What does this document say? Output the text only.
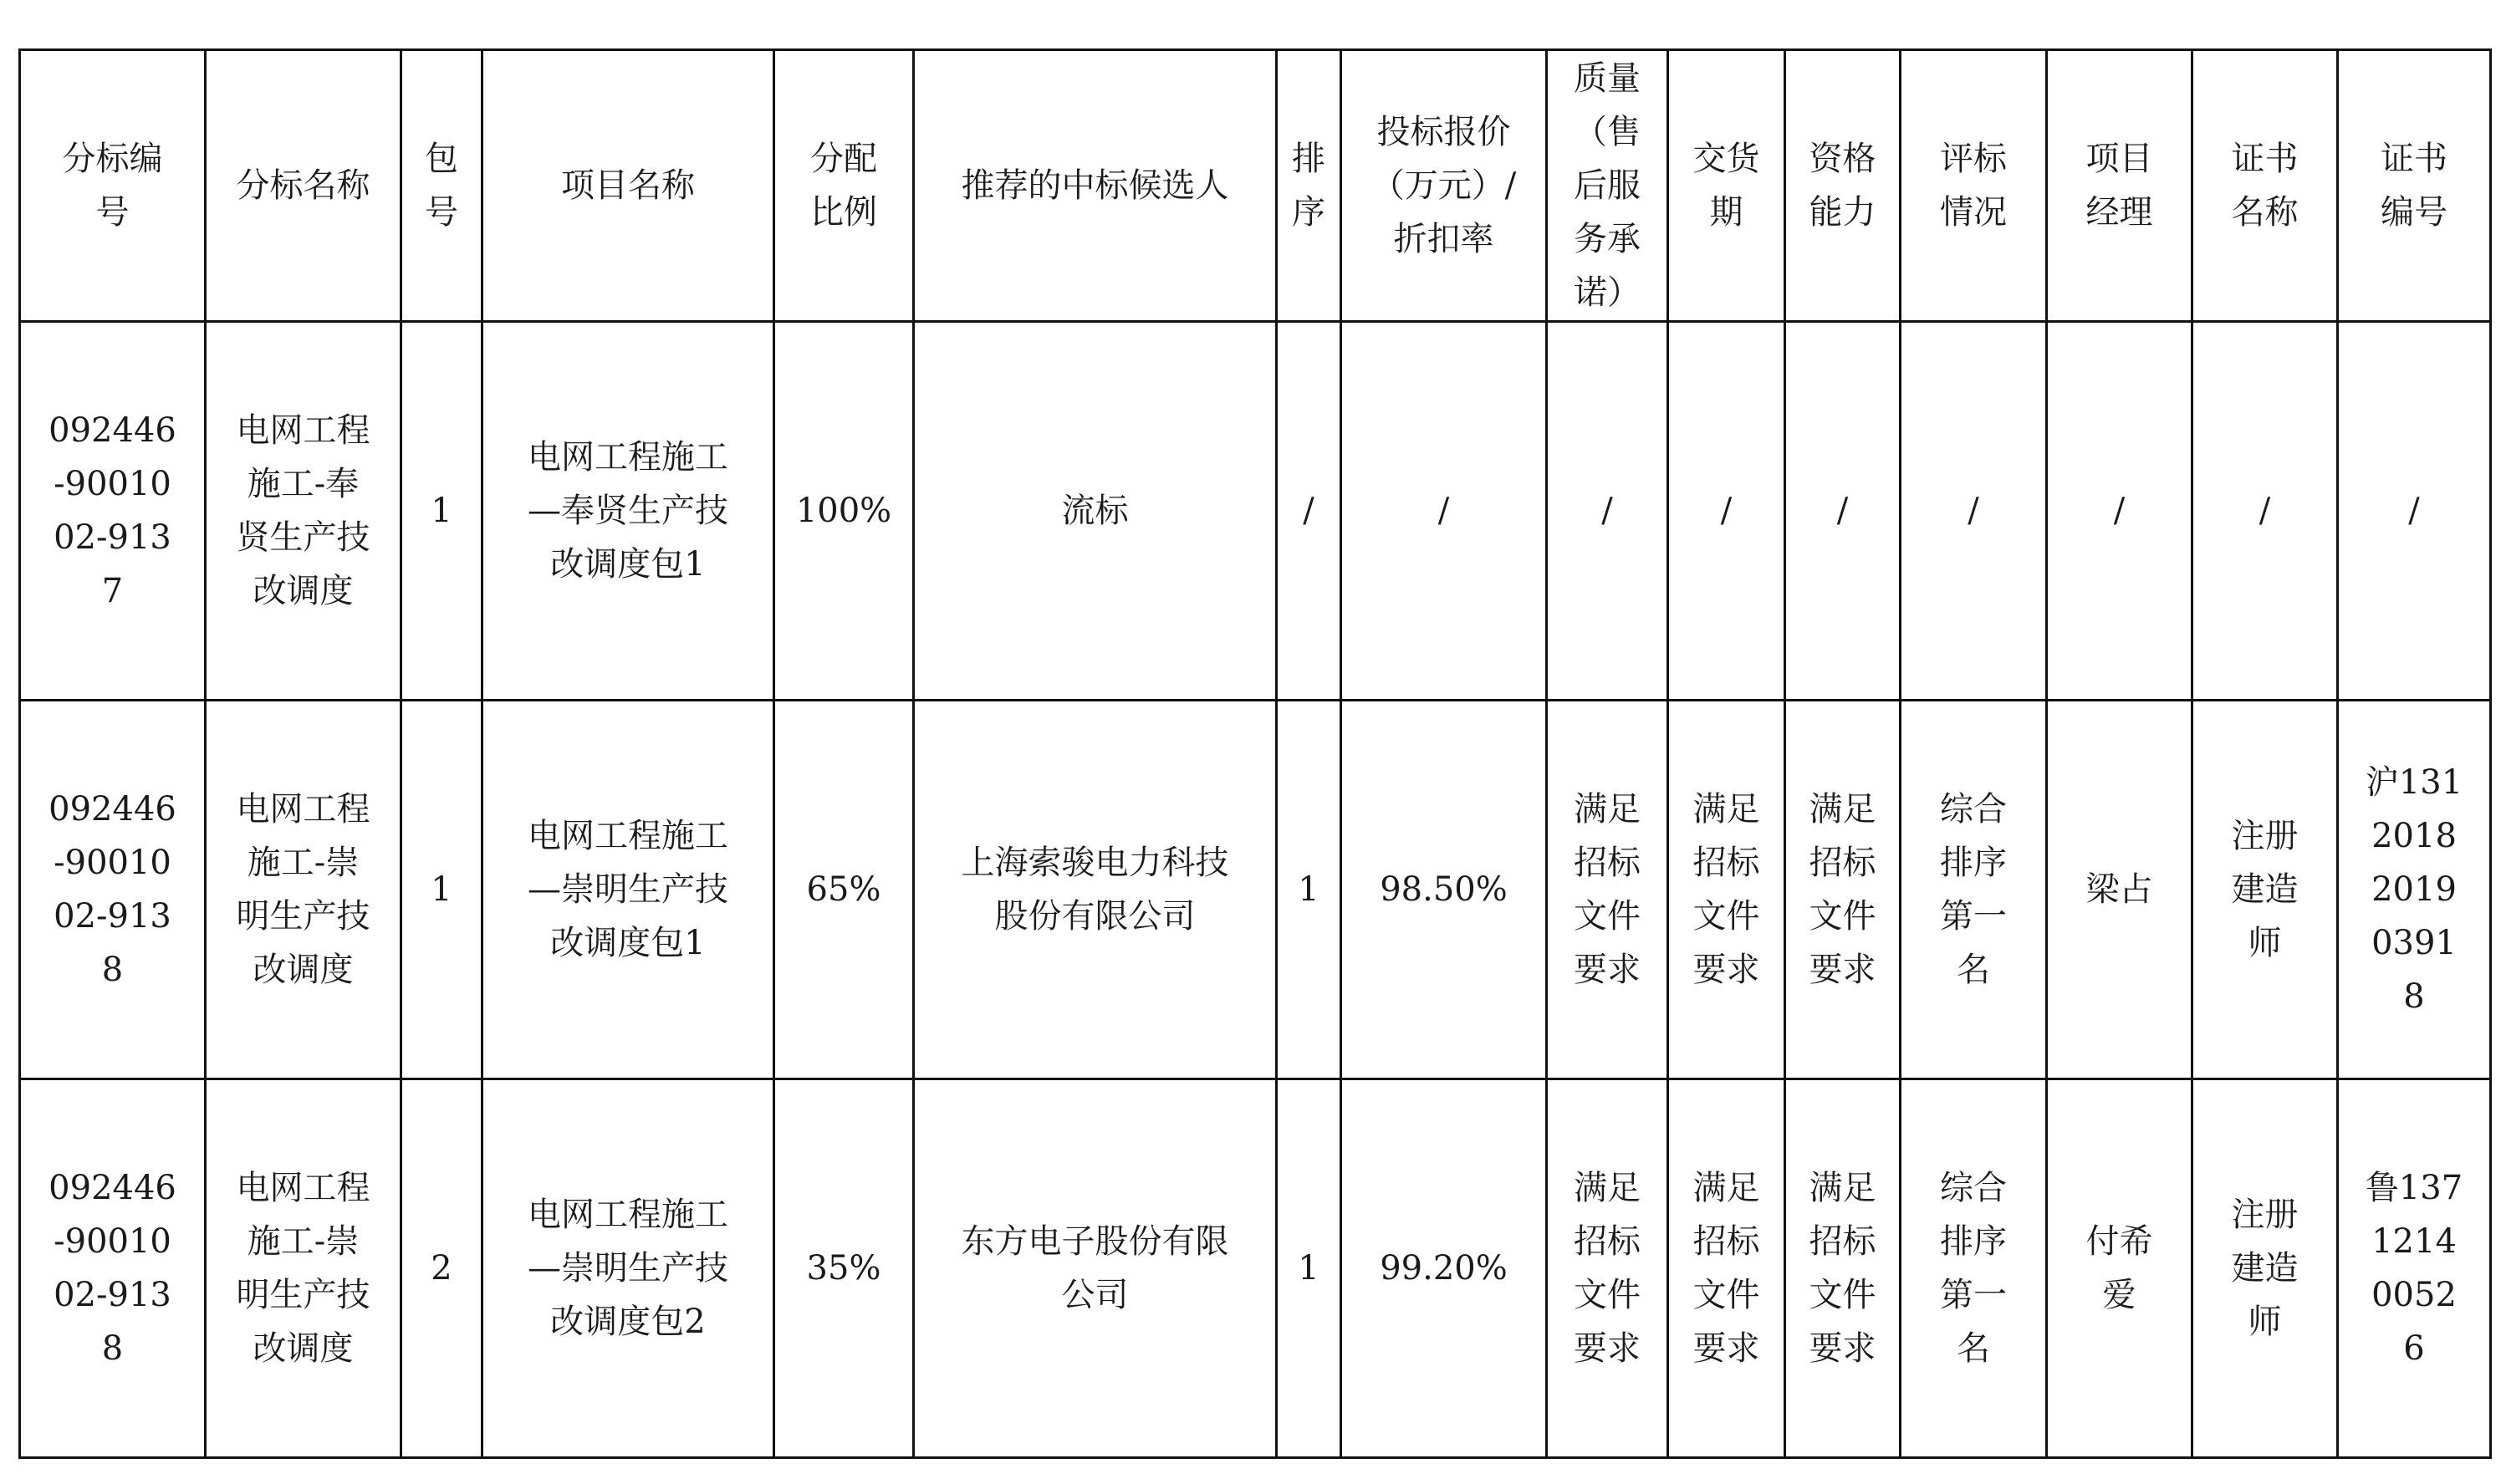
分标编号	分标名称	包号	项目名称	分配比例	推荐的中标候选人	排序	投标报价（万元）/折扣率	质量（售后服务承诺）	交货期	资格能力	评标情况	项目经理	证书名称	证书编号

092446-9001002-9137	电网工程施工-奉贤生产技改调度	1	电网工程施工—奉贤生产技改调度包1	100%	流标	/	/	/	/	/	/	/	/	/

092446-9001002-9138	电网工程施工-崇明生产技改调度	1	电网工程施工—崇明生产技改调度包1	65%	上海索骏电力科技股份有限公司	1	98.50%	满足招标文件要求	满足招标文件要求	满足招标文件要求	综合排序第一名	梁占	注册建造师	沪131201820190391 8

092446-9001002-9138	电网工程施工-崇明生产技改调度	2	电网工程施工—崇明生产技改调度包2	35%	东方电子股份有限公司	1	99.20%	满足招标文件要求	满足招标文件要求	满足招标文件要求	综合排序第一名	付希爱	注册建造师	鲁13712140052 6
